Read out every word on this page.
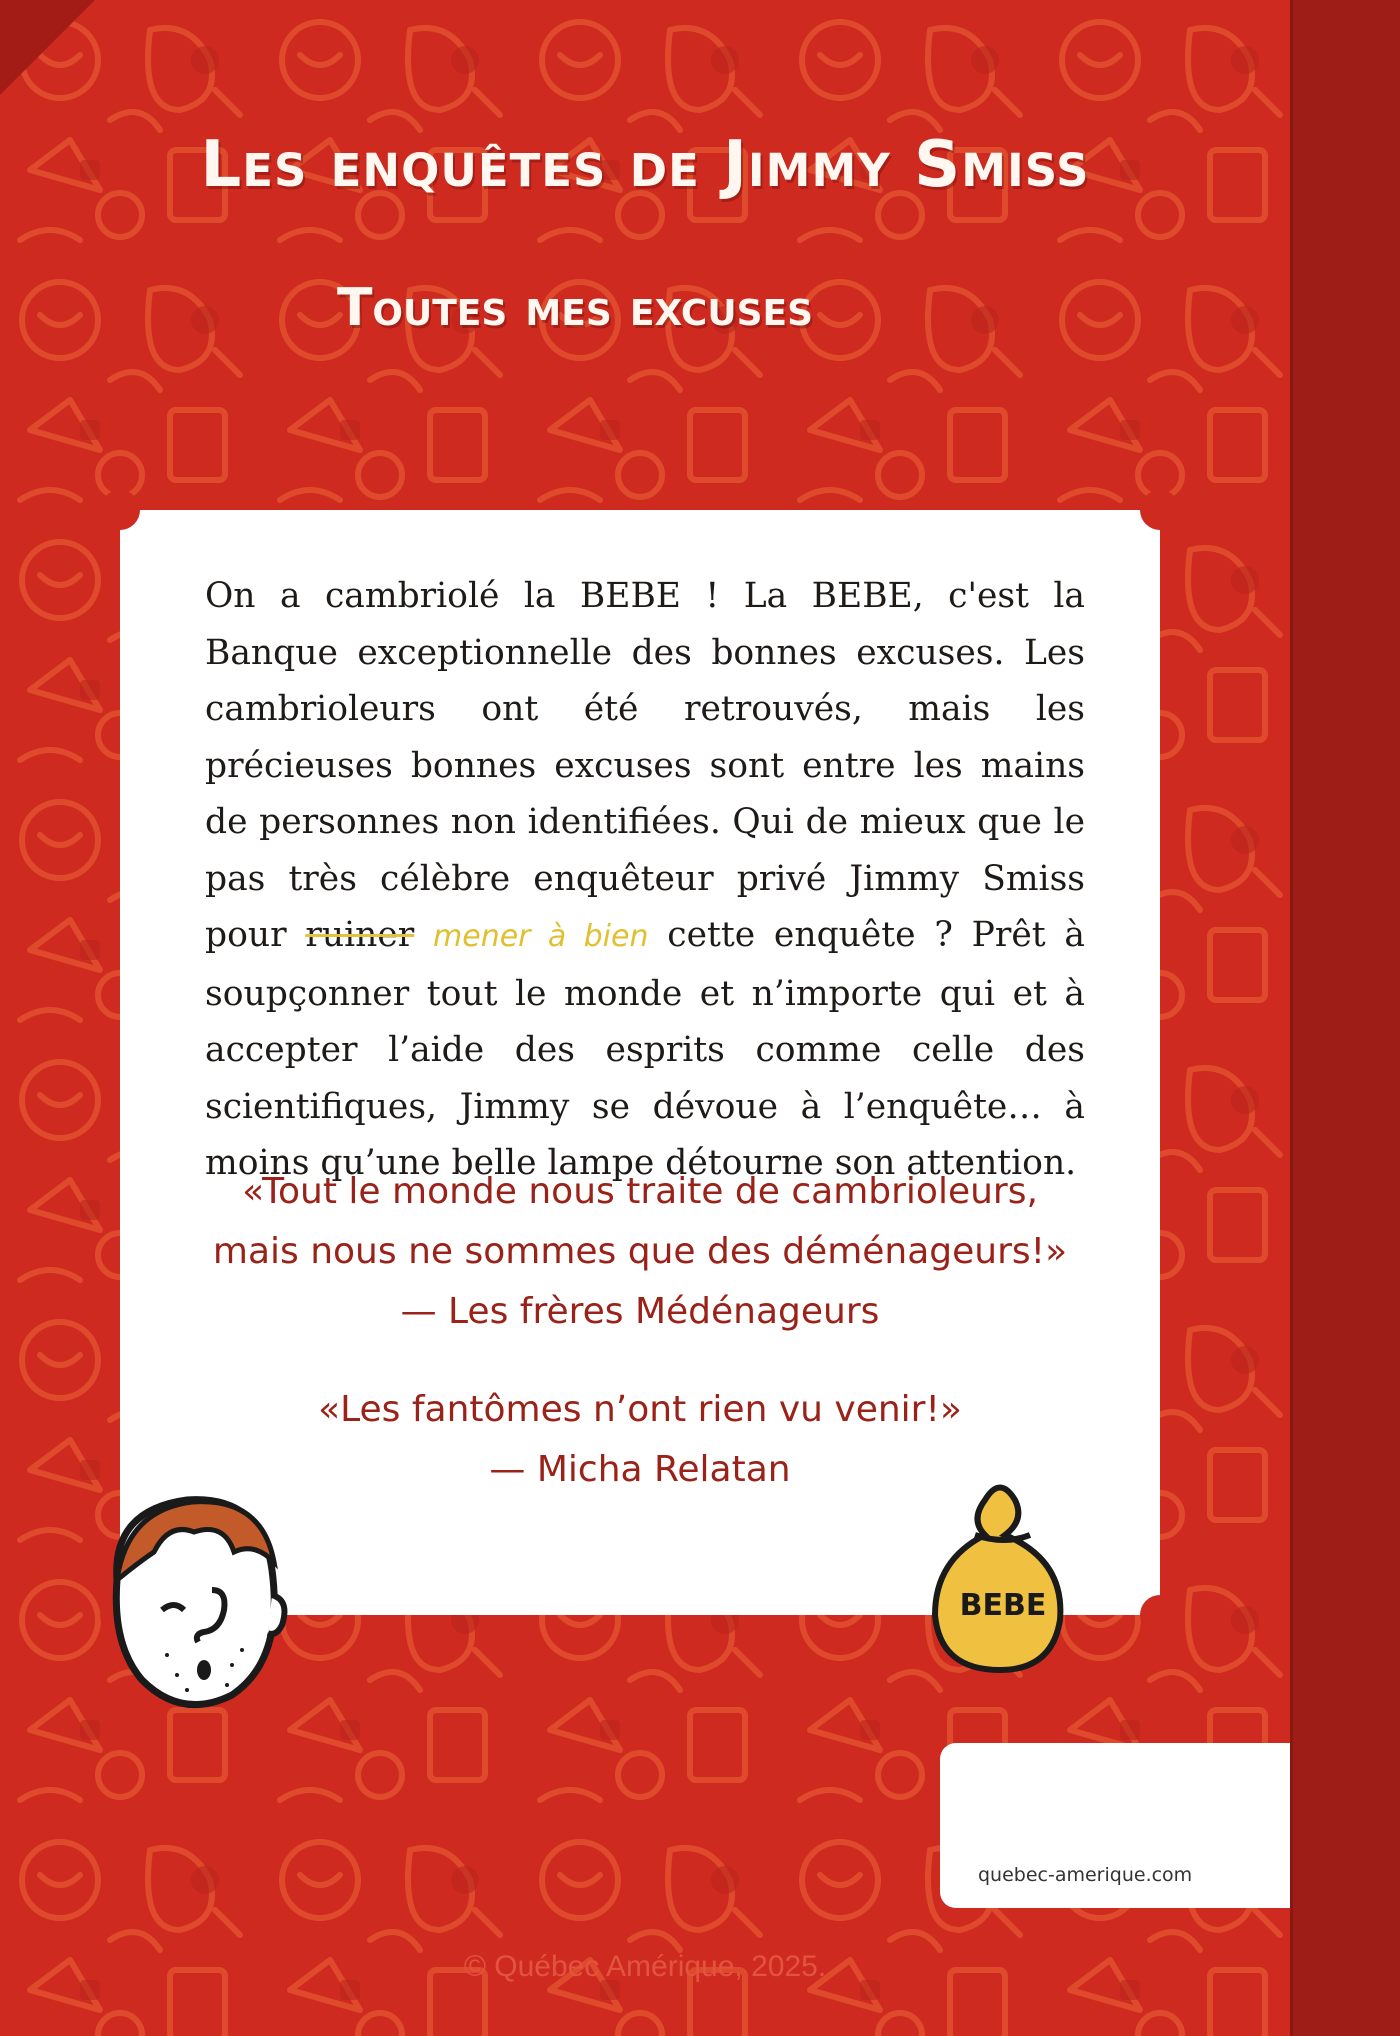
Les enquêtes de Jimmy Smiss
Toutes mes excuses

On a cambriolé la BEBE ! La BEBE, c'est la Banque exceptionnelle des bonnes excuses. Les cambrioleurs ont été retrouvés, mais les précieuses bonnes excuses sont entre les mains de personnes non identifiées. Qui de mieux que le pas très célèbre enquêteur privé Jimmy Smiss pour ruiner mener à bien cette enquête ? Prêt à soupçonner tout le monde et n’importe qui et à accepter l’aide des esprits comme celle des scientifiques, Jimmy se dévoue à l’enquête… à moins qu’une belle lampe détourne son attention.

«Tout le monde nous traite de cambrioleurs,
mais nous ne sommes que des déménageurs!»
— Les frères Médénageurs
«Les fantômes n’ont rien vu venir!»
— Micha Relatan
BEBE
quebec-amerique.com
© Québec Amérique, 2025.
